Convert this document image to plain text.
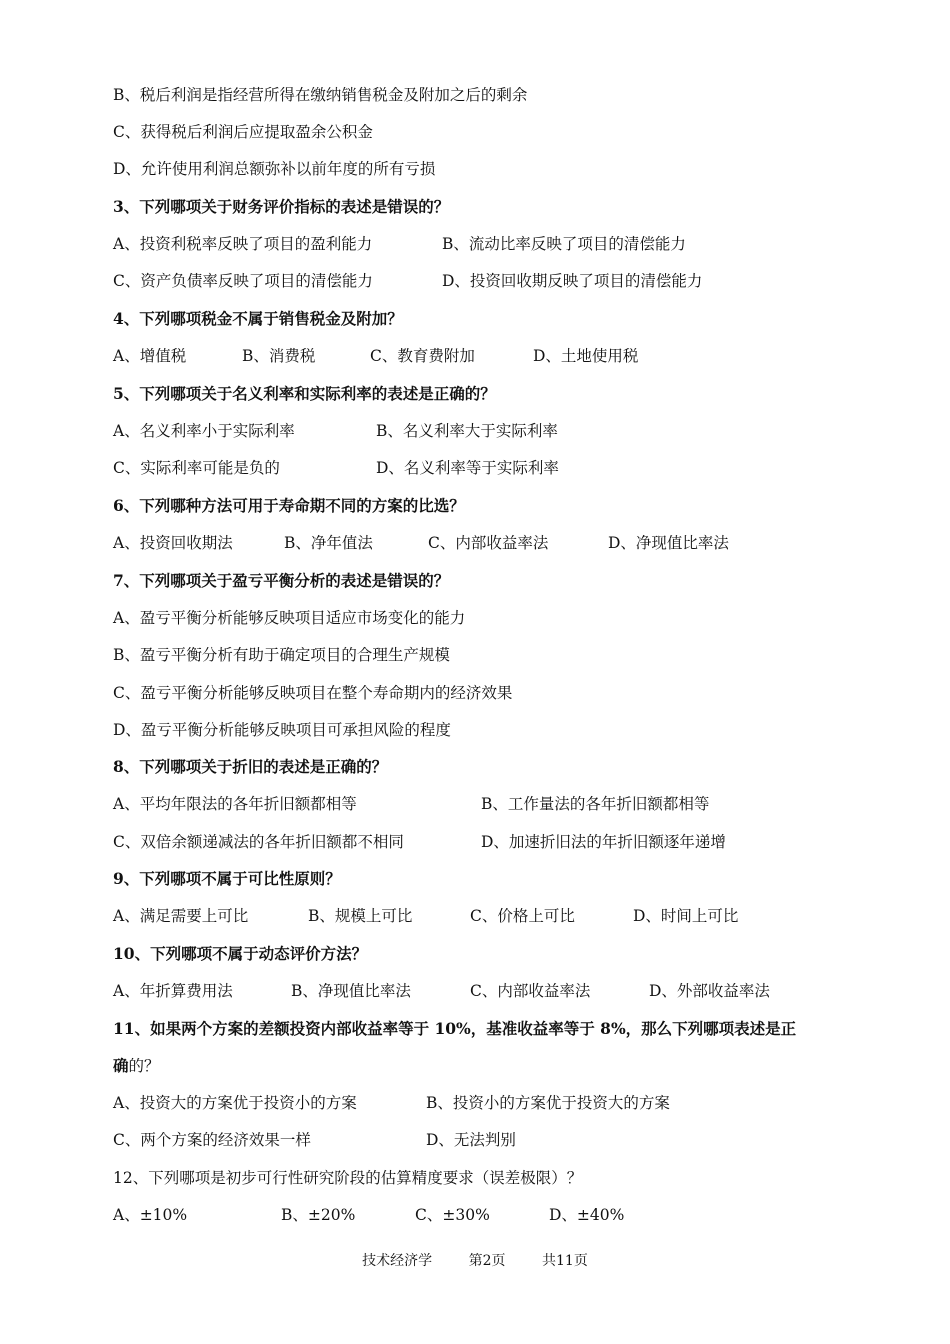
B、税后利润是指经营所得在缴纳销售税金及附加之后的剩余
C、获得税后利润后应提取盈余公积金
D、允许使用利润总额弥补以前年度的所有亏损
3、下列哪项关于财务评价指标的表述是错误的？
A、投资利税率反映了项目的盈利能力	B、流动比率反映了项目的清偿能力
C、资产负债率反映了项目的清偿能力	D、投资回收期反映了项目的清偿能力
4、下列哪项税金不属于销售税金及附加？
A、增值税	B、消费税	C、教育费附加	D、土地使用税
5、下列哪项关于名义利率和实际利率的表述是正确的？
A、名义利率小于实际利率	B、名义利率大于实际利率
C、实际利率可能是负的	D、名义利率等于实际利率
6、下列哪种方法可用于寿命期不同的方案的比选？
A、投资回收期法	B、净年值法	C、内部收益率法	D、净现值比率法
7、下列哪项关于盈亏平衡分析的表述是错误的？
A、盈亏平衡分析能够反映项目适应市场变化的能力
B、盈亏平衡分析有助于确定项目的合理生产规模
C、盈亏平衡分析能够反映项目在整个寿命期内的经济效果
D、盈亏平衡分析能够反映项目可承担风险的程度
8、下列哪项关于折旧的表述是正确的？
A、平均年限法的各年折旧额都相等	B、工作量法的各年折旧额都相等
C、双倍余额递减法的各年折旧额都不相同	D、加速折旧法的年折旧额逐年递增
9、下列哪项不属于可比性原则？
A、满足需要上可比	B、规模上可比	C、价格上可比	D、时间上可比
10、下列哪项不属于动态评价方法？
A、年折算费用法	B、净现值比率法	C、内部收益率法	D、外部收益率法
11、如果两个方案的差额投资内部收益率等于 10%，基准收益率等于 8%，那么下列哪项表述是正
确的？
A、投资大的方案优于投资小的方案	B、投资小的方案优于投资大的方案
C、两个方案的经济效果一样	D、无法判别
12、下列哪项是初步可行性研究阶段的估算精度要求（误差极限）？
A、±10%	B、±20%	C、±30%	D、±40%
技术经济学	第2页	共11页
